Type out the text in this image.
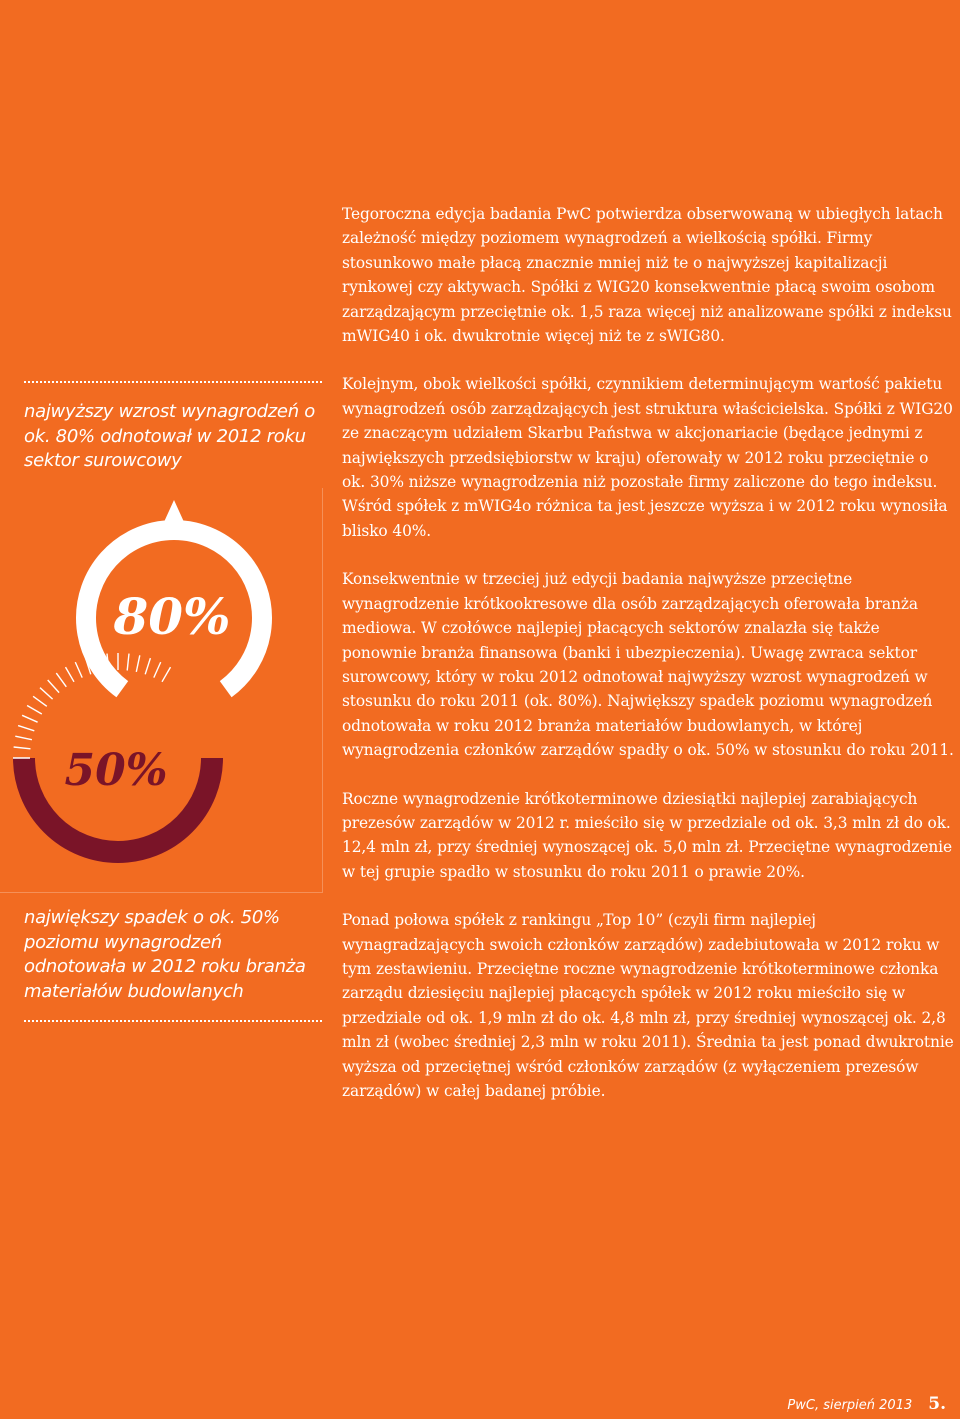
Tegoroczna edycja badania PwC potwierdza obserwowaną w ubiegłych latach zależność między poziomem wynagrodzeń a wielkością spółki. Firmy stosunkowo małe płacą znacznie mniej niż te o najwyższej kapitalizacji rynkowej czy aktywach. Spółki z WIG20 konsekwentnie płacą swoim osobom zarządzającym przeciętnie ok. 1,5 raza więcej niż analizowane spółki z indeksu mWIG40 i ok. dwukrotnie więcej niż te z sWIG80.

Kolejnym, obok wielkości spółki, czynnikiem determinującym wartość pakietu wynagrodzeń osób zarządzających jest struktura właścicielska. Spółki z WIG20 ze znaczącym udziałem Skarbu Państwa w akcjonariacie (będące jednymi z największych przedsiębiorstw w kraju) oferowały w 2012 roku przeciętnie o ok. 30% niższe wynagrodzenia niż pozostałe firmy zaliczone do tego indeksu. Wśród spółek z mWIG4o różnica ta jest jeszcze wyższa i w 2012 roku wynosiła blisko 40%.

Konsekwentnie w trzeciej już edycji badania najwyższe przeciętne wynagrodzenie krótkookresowe dla osób zarządzających oferowała branża mediowa. W czołówce najlepiej płacących sektorów znalazła się także ponownie branża finansowa (banki i ubezpieczenia). Uwagę zwraca sektor surowcowy, który w roku 2012 odnotował najwyższy wzrost wynagrodzeń w stosunku do roku 2011 (ok. 80%). Największy spadek poziomu wynagrodzeń odnotowała w roku 2012 branża materiałów budowlanych, w której wynagrodzenia członków zarządów spadły o ok. 50% w stosunku do roku 2011.

Roczne wynagrodzenie krótkoterminowe dziesiątki najlepiej zarabiających prezesów zarządów w 2012 r. mieściło się w przedziale od ok. 3,3 mln zł do ok. 12,4 mln zł, przy średniej wynoszącej ok. 5,0 mln zł. Przeciętne wynagrodzenie w tej grupie spadło w stosunku do roku 2011 o prawie 20%.

Ponad połowa spółek z rankingu „Top 10” (czyli firm najlepiej wynagradzających swoich członków zarządów) zadebiutowała w 2012 roku w tym zestawieniu. Przeciętne roczne wynagrodzenie krótkoterminowe członka zarządu dziesięciu najlepiej płacących spółek w 2012 roku mieściło się w przedziale od ok. 1,9 mln zł do ok. 4,8 mln zł, przy średniej wynoszącej ok. 2,8 mln zł (wobec średniej 2,3 mln w roku 2011). Średnia ta jest ponad dwukrotnie wyższa od przeciętnej wśród członków zarządów (z wyłączeniem prezesów zarządów) w całej badanej próbie.

najwyższy wzrost wynagrodzeń o ok. 80% odnotował w 2012 roku sektor surowcowy
80%
50%
największy spadek o ok. 50% poziomu wynagrodzeń odnotowała w 2012 roku branża materiałów budowlanych
PwC, sierpień 2013 5.
